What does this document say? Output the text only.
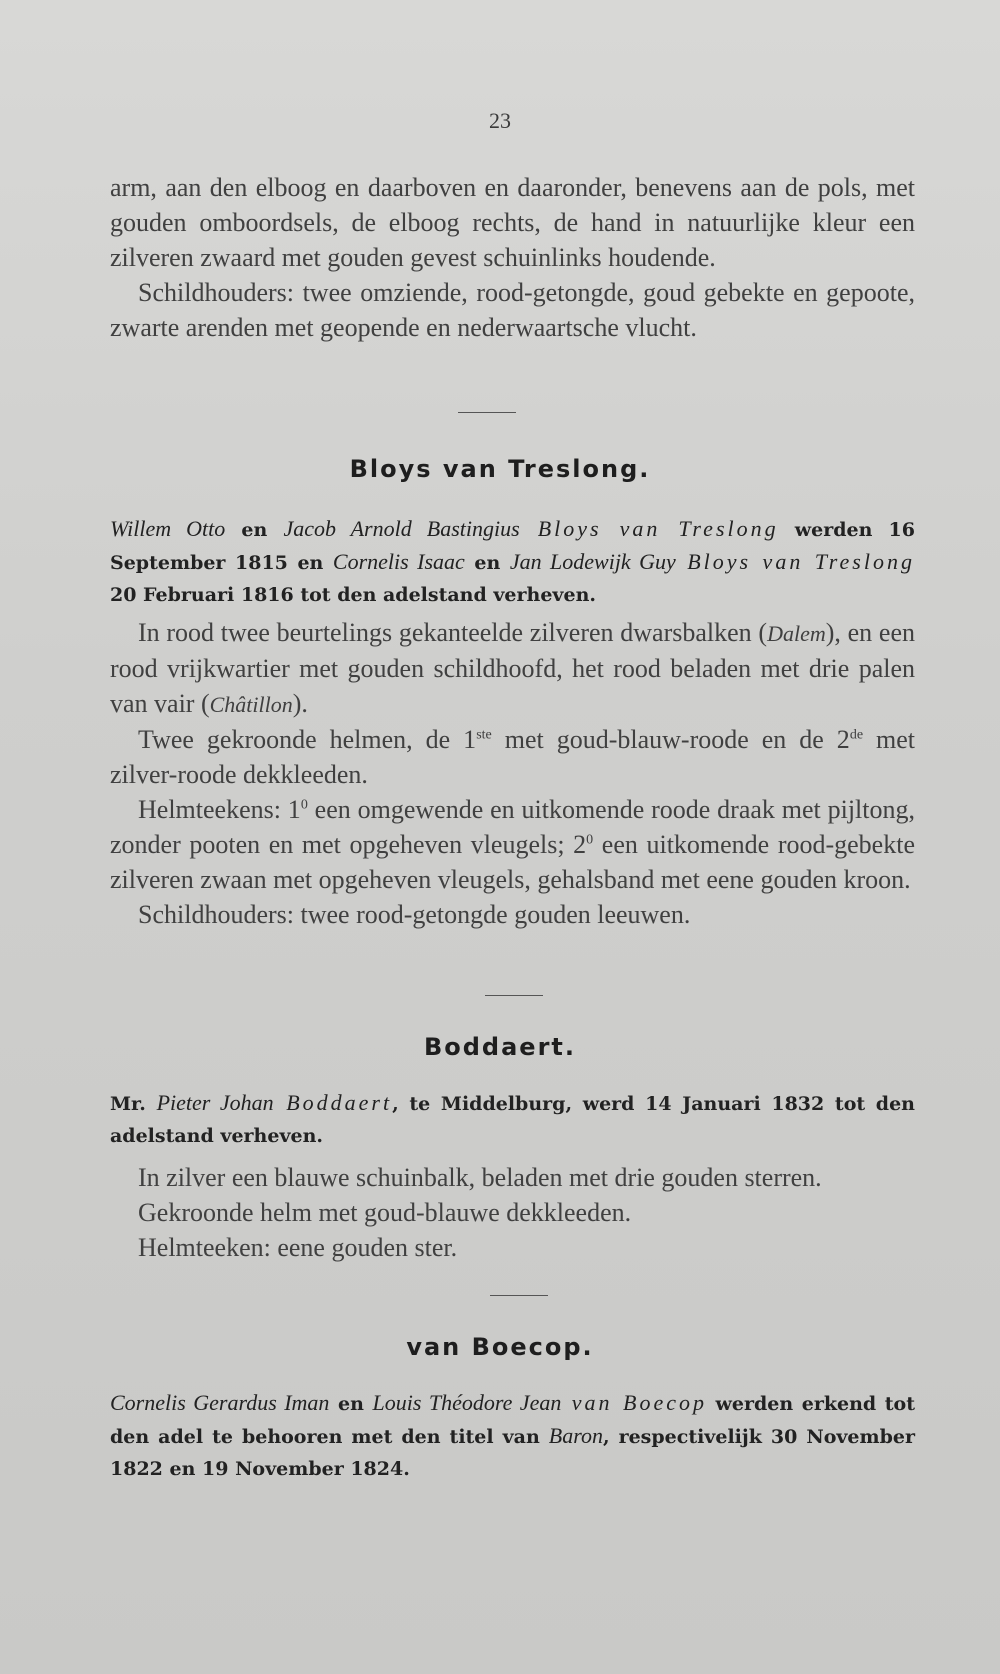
23

arm, aan den elboog en daarboven en daaronder, benevens aan de pols, met gouden omboordsels, de elboog rechts, de hand in natuurlijke kleur een zilveren zwaard met gouden gevest schuinlinks houdende.

Schildhouders: twee omziende, rood-getongde, goud gebekte en gepoote, zwarte arenden met geopende en nederwaartsche vlucht.

Bloys van Treslong.

Willem Otto en Jacob Arnold Bastingius Bloys van Treslong werden 16 September 1815 en Cornelis Isaac en Jan Lodewijk Guy Bloys van Treslong 20 Februari 1816 tot den adelstand verheven.

In rood twee beurtelings gekanteelde zilveren dwarsbalken (Dalem), en een rood vrijkwartier met gouden schildhoofd, het rood beladen met drie palen van vair (Châtillon).

Twee gekroonde helmen, de 1ste met goud-blauw-roode en de 2de met zilver-roode dekkleeden.

Helmteekens: $1^0$ een omgewende en uitkomende roode draak met pijltong, zonder pooten en met opgeheven vleugels; $2^0$ een uitkomende rood-gebekte zilveren zwaan met opgeheven vleugels, gehalsband met eene gouden kroon.

Schildhouders: twee rood-getongde gouden leeuwen.

Boddaert.

Mr. Pieter Johan Boddaert, te Middelburg, werd 14 Januari 1832 tot den adelstand verheven.

In zilver een blauwe schuinbalk, beladen met drie gouden sterren.

Gekroonde helm met goud-blauwe dekkleeden.

Helmteeken: eene gouden ster.

van Boecop.

Cornelis Gerardus Iman en Louis Théodore Jean van Boecop werden erkend tot den adel te behooren met den titel van Baron, respectivelijk 30 November 1822 en 19 November 1824.
